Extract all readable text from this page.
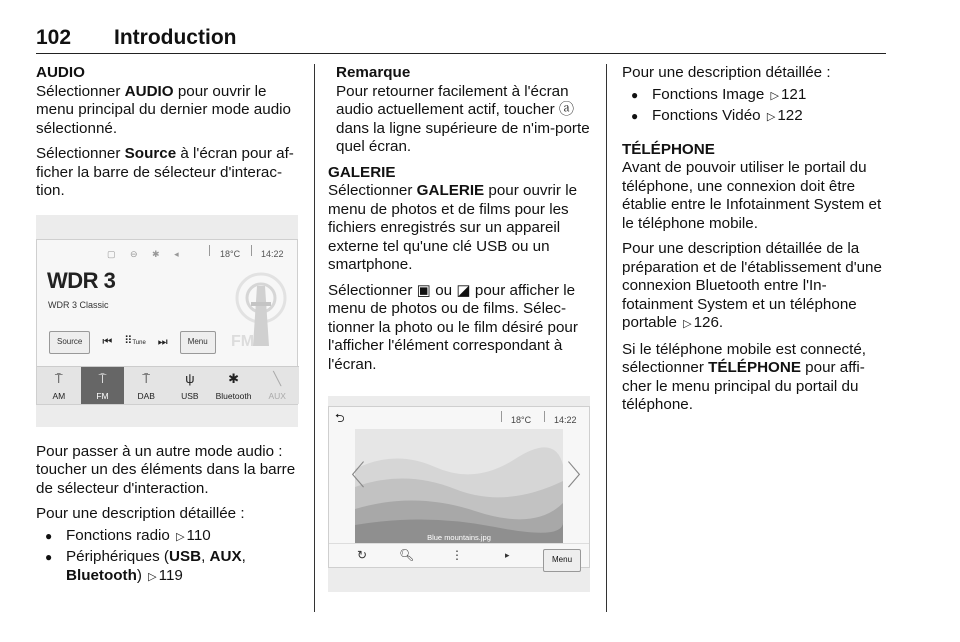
102	Introduction
AUDIO

Sélectionner AUDIO pour ouvrir le menu principal du dernier mode audio sélectionné.

Sélectionner Source à l'écran pour af-ficher la barre de sélecteur d'interac-tion.

▢ ⊖ ✱ ◂	18°C 14:22
WDR 3
WDR 3 Classic
FM
Source	⏮ ⠿Tune ⏭	Menu
⍑
AM
⍑
FM
⍑
DAB
ψ
USB
✱
Bluetooth
╲
AUX

Pour passer à un autre mode audio : toucher un des éléments dans la barre de sélecteur d'interaction.

Pour une description détaillée :

● Fonctions radio ▷ 110
● Périphériques (USB, AUX, Bluetooth) ▷ 119
Remarque

Pour retourner facilement à l'écran audio actuellement actif, toucher ⓐ dans la ligne supérieure de n'im-porte quel écran.

GALERIE

Sélectionner GALERIE pour ouvrir le menu de photos et de films pour les fichiers enregistrés sur un appareil externe tel qu'une clé USB ou un smartphone.

Sélectionner ▣ ou ◪ pour afficher le menu de photos ou de films. Sélec-tionner la photo ou le film désiré pour l'afficher l'élément correspondant à l'écran.

⮌	18°C	14:22
Blue mountains.jpg
〈	〉
↻	🔍︎	⋮	▸	Menu

Pour une description détaillée :

● Fonctions Image ▷ 121
● Fonctions Vidéo ▷ 122
TÉLÉPHONE

Avant de pouvoir utiliser le portail du téléphone, une connexion doit être établie entre le Infotainment System et le téléphone mobile.

Pour une description détaillée de la préparation et de l'établissement d'une connexion Bluetooth entre l'In-fotainment System et un téléphone portable ▷ 126.

Si le téléphone mobile est connecté, sélectionner TÉLÉPHONE pour affi-cher le menu principal du portail du téléphone.
